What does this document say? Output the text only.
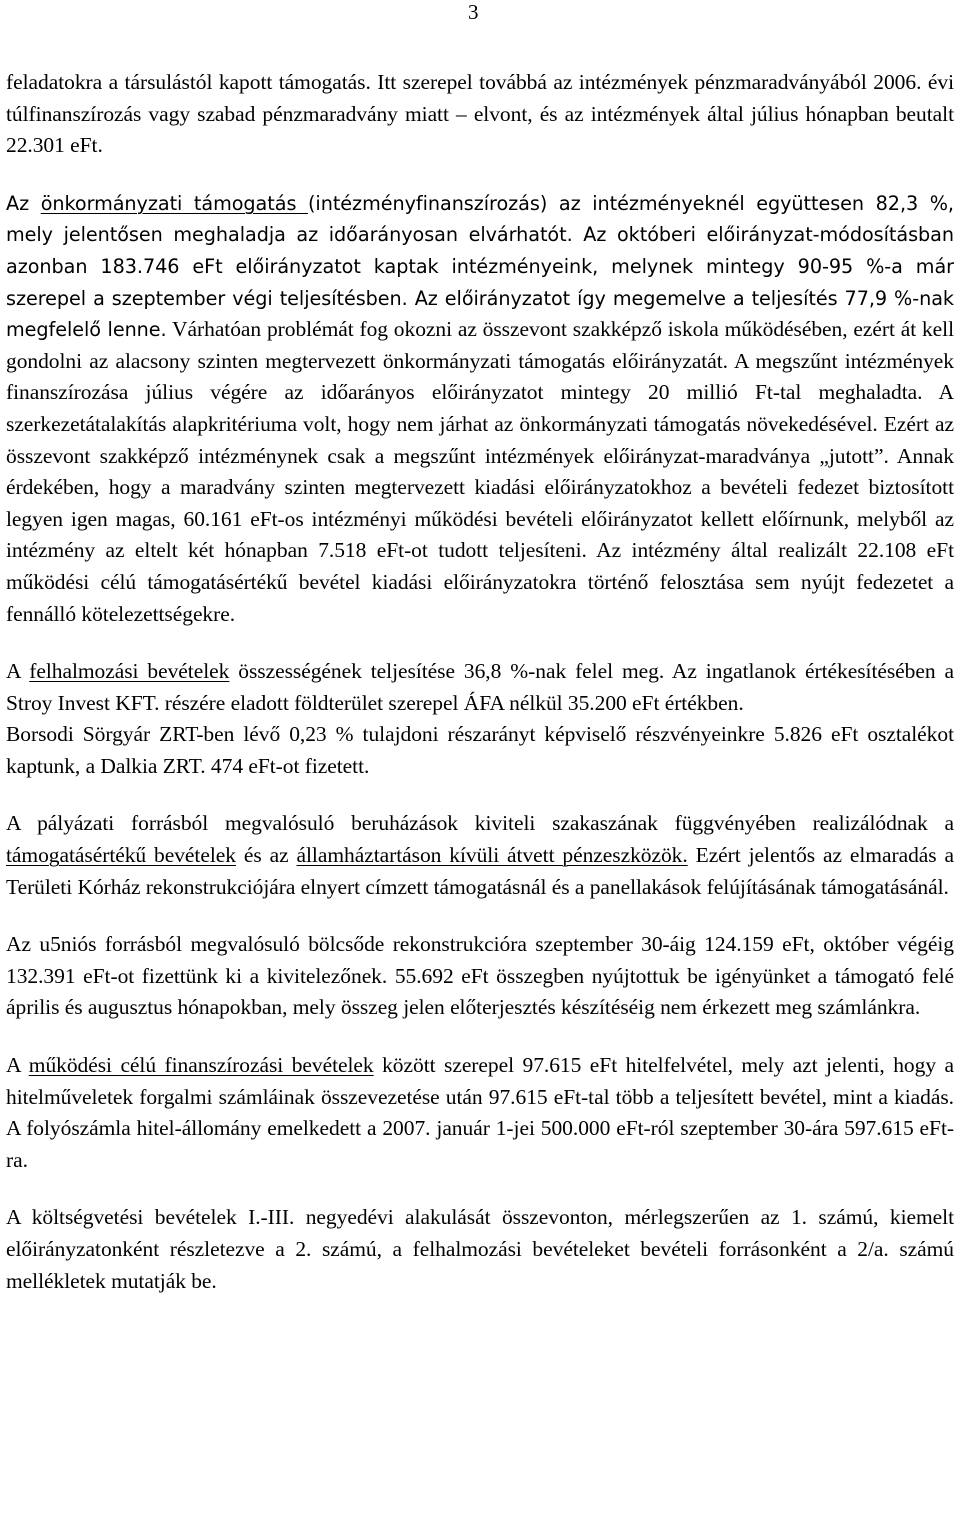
3

feladatokra a társulástól kapott támogatás. Itt szerepel továbbá az intézmények pénzmaradványából 2006. évi túlfinanszírozás vagy szabad pénzmaradvány miatt – elvont, és az intézmények által július hónapban beutalt 22.301 eFt.

Az önkormányzati támogatás (intézményfinanszírozás) az intézményeknél együttesen 82,3 %, mely jelentősen meghaladja az időarányosan elvárhatót. Az októberi előirányzat-módosításban azonban 183.746 eFt előirányzatot kaptak intézményeink, melynek mintegy 90-95 %-a már szerepel a szeptember végi teljesítésben. Az előirányzatot így megemelve a teljesítés 77,9 %-nak megfelelő lenne. Várhatóan problémát fog okozni az összevont szakképző iskola működésében, ezért át kell gondolni az alacsony szinten megtervezett önkormányzati támogatás előirányzatát. A megszűnt intézmények finanszírozása július végére az időarányos előirányzatot mintegy 20 millió Ft-tal meghaladta. A szerkezetátalakítás alapkritériuma volt, hogy nem járhat az önkormányzati támogatás növekedésével. Ezért az összevont szakképző intézménynek csak a megszűnt intézmények előirányzat-maradványa „jutott”. Annak érdekében, hogy a maradvány szinten megtervezett kiadási előirányzatokhoz a bevételi fedezet biztosított legyen igen magas, 60.161 eFt-os intézményi működési bevételi előirányzatot kellett előírnunk, melyből az intézmény az eltelt két hónapban 7.518 eFt-ot tudott teljesíteni. Az intézmény által realizált 22.108 eFt működési célú támogatásértékű bevétel kiadási előirányzatokra történő felosztása sem nyújt fedezetet a fennálló kötelezettségekre.

A felhalmozási bevételek összességének teljesítése 36,8 %-nak felel meg. Az ingatlanok értékesítésében a Stroy Invest KFT. részére eladott földterület szerepel ÁFA nélkül 35.200 eFt értékben.
Borsodi Sörgyár ZRT-ben lévő 0,23 % tulajdoni részarányt képviselő részvényeinkre 5.826 eFt osztalékot kaptunk, a Dalkia ZRT. 474 eFt-ot fizetett.

A pályázati forrásból megvalósuló beruházások kiviteli szakaszának függvényében realizálódnak a támogatásértékű bevételek és az államháztartáson kívüli átvett pénzeszközök. Ezért jelentős az elmaradás a Területi Kórház rekonstrukciójára elnyert címzett támogatásnál és a panellakások felújításának támogatásánál.

Az u5niós forrásból megvalósuló bölcsőde rekonstrukcióra szeptember 30-áig 124.159 eFt, október végéig 132.391 eFt-ot fizettünk ki a kivitelezőnek. 55.692 eFt összegben nyújtottuk be igényünket a támogató felé április és augusztus hónapokban, mely összeg jelen előterjesztés készítéséig nem érkezett meg számlánkra.

A működési célú finanszírozási bevételek között szerepel 97.615 eFt hitelfelvétel, mely azt jelenti, hogy a hitelműveletek forgalmi számláinak összevezetése után 97.615 eFt-tal több a teljesített bevétel, mint a kiadás. A folyószámla hitel-állomány emelkedett a 2007. január 1-jei 500.000 eFt-ról szeptember 30-ára 597.615 eFt-ra.

A költségvetési bevételek I.-III. negyedévi alakulását összevonton, mérlegszerűen az 1. számú, kiemelt előirányzatonként részletezve a 2. számú, a felhalmozási bevételeket bevételi forrásonként a 2/a. számú mellékletek mutatják be.
